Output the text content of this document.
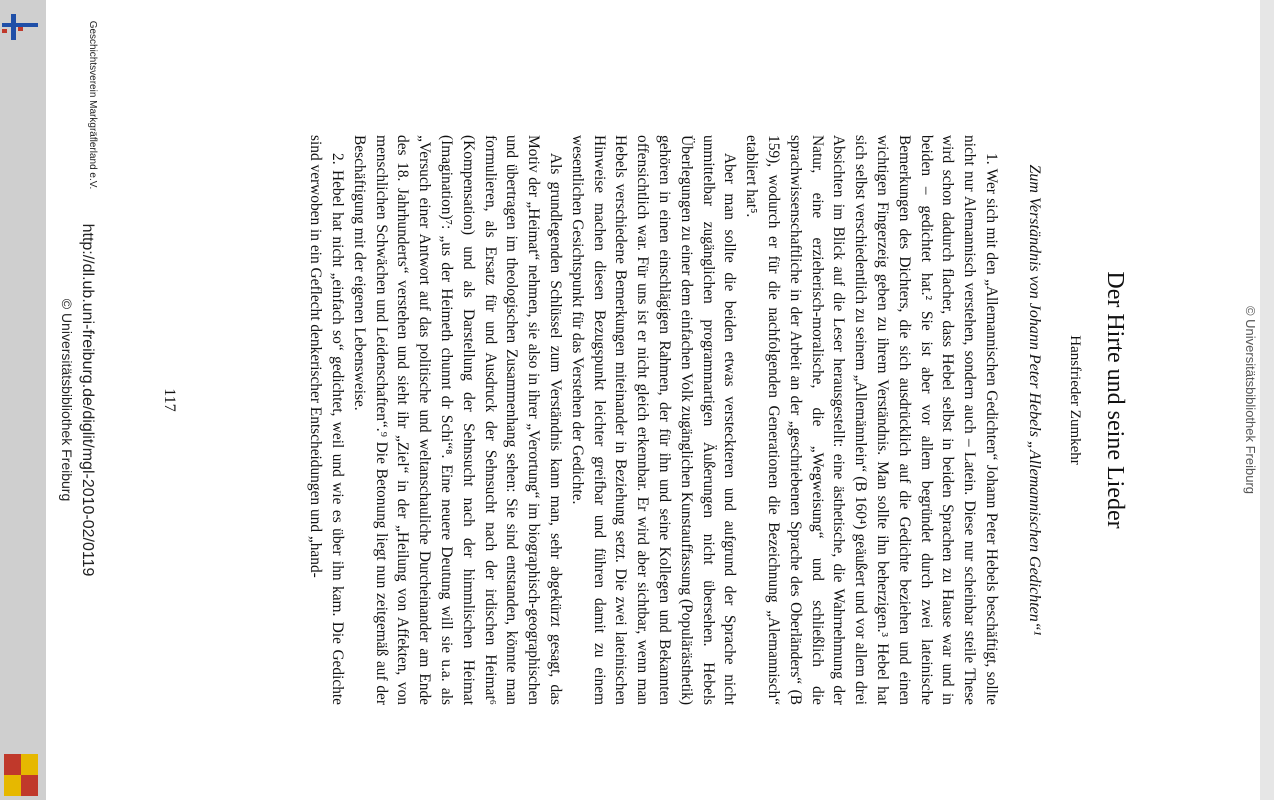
© Universitätsbibliothek Freiburg
Der Hirte und seine Lieder
Hansfrieder Zumkehr
Zum Verständnis von Johann Peter Hebels „Allemannischen Gedichten“¹

1. Wer sich mit den „Allemannischen Gedichten“ Johann Peter Hebels beschäftigt, sollte nicht nur Alemannisch verstehen, sondern auch – Latein. Diese nur scheinbar steile These wird schon dadurch flacher, dass Hebel selbst in beiden Sprachen zu Hause war und in beiden – gedichtet hat.² Sie ist aber vor allem begründet durch zwei lateinische Bemerkungen des Dichters, die sich ausdrücklich auf die Gedichte beziehen und einen wichtigen Fingerzeig geben zu ihrem Verständnis. Man sollte ihn beherzigen.³ Hebel hat sich selbst verschiedentlich zu seinem „Allemännlein“ (B 160⁴) geäußert und vor allem drei Absichten im Blick auf die Leser herausgestellt: eine ästhetische, die Wahrnehmung der Natur, eine erzieherisch-moralische, die „Wegweisung“ und schließlich die sprachwissenschaftliche in der Arbeit an der „geschriebenen Sprache des Oberländers“ (B 159), wodurch er für die nachfolgenden Generationen die Bezeichnung „Alemannisch“ etabliert hat⁵.

Aber man sollte die beiden etwas versteckteren und aufgrund der Sprache nicht unmittelbar zugänglichen programmartigen Äußerungen nicht übersehen. Hebels Überlegungen zu einer dem einfachen Volk zugänglichen Kunstauffassung (Populärästhetik) gehören in einen einschlägigen Rahmen, der für ihn und seine Kollegen und Bekannten offensichtlich war. Für uns ist er nicht gleich erkennbar. Er wird aber sichtbar, wenn man Hebels verschiedene Bemerkungen miteinander in Beziehung setzt. Die zwei lateinischen Hinweise machen diesen Bezugspunkt leichter greifbar und führen damit zu einem wesentlichen Gesichtspunkt für das Verstehen der Gedichte.

Als grundlegenden Schlüssel zum Verständnis kann man, sehr abgekürzt gesagt, das Motiv der „Heimat“ nehmen, sie also in ihrer „Verortung“ im biographisch-geographischen und übertragen im theologischen Zusammenhang sehen: Sie sind entstanden, könnte man formulieren, als Ersatz für und Ausdruck der Sehnsucht nach der irdischen Heimat⁶ (Kompensation) und als Darstellung der Sehnsucht nach der himmlischen Heimat (Imagination)⁷: „us der Heimeth chunnt dr Schi“⁸. Eine neuere Deutung will sie u.a. als „Versuch einer Antwort auf das politische und weltanschauliche Durcheinander am Ende des 18. Jahrhunderts“ verstehen und sieht ihr „Ziel“ in der „Heilung von Affekten, von menschlichen Schwächen und Leidenschaften“.⁹ Die Betonung liegt nun zeitgemäß auf der Beschäftigung mit der eigenen Lebensweise.

2. Hebel hat nicht „einfach so“ gedichtet, weil und wie es über ihn kam. Die Gedichte sind verwoben in ein Geflecht denkerischer Entscheidungen und „hand-

117
http://dl.ub.uni-freiburg.de/diglit/mgl-2010-02/0119
© Universitätsbibliothek Freiburg
Geschichtsverein Markgräflerland e.V.
